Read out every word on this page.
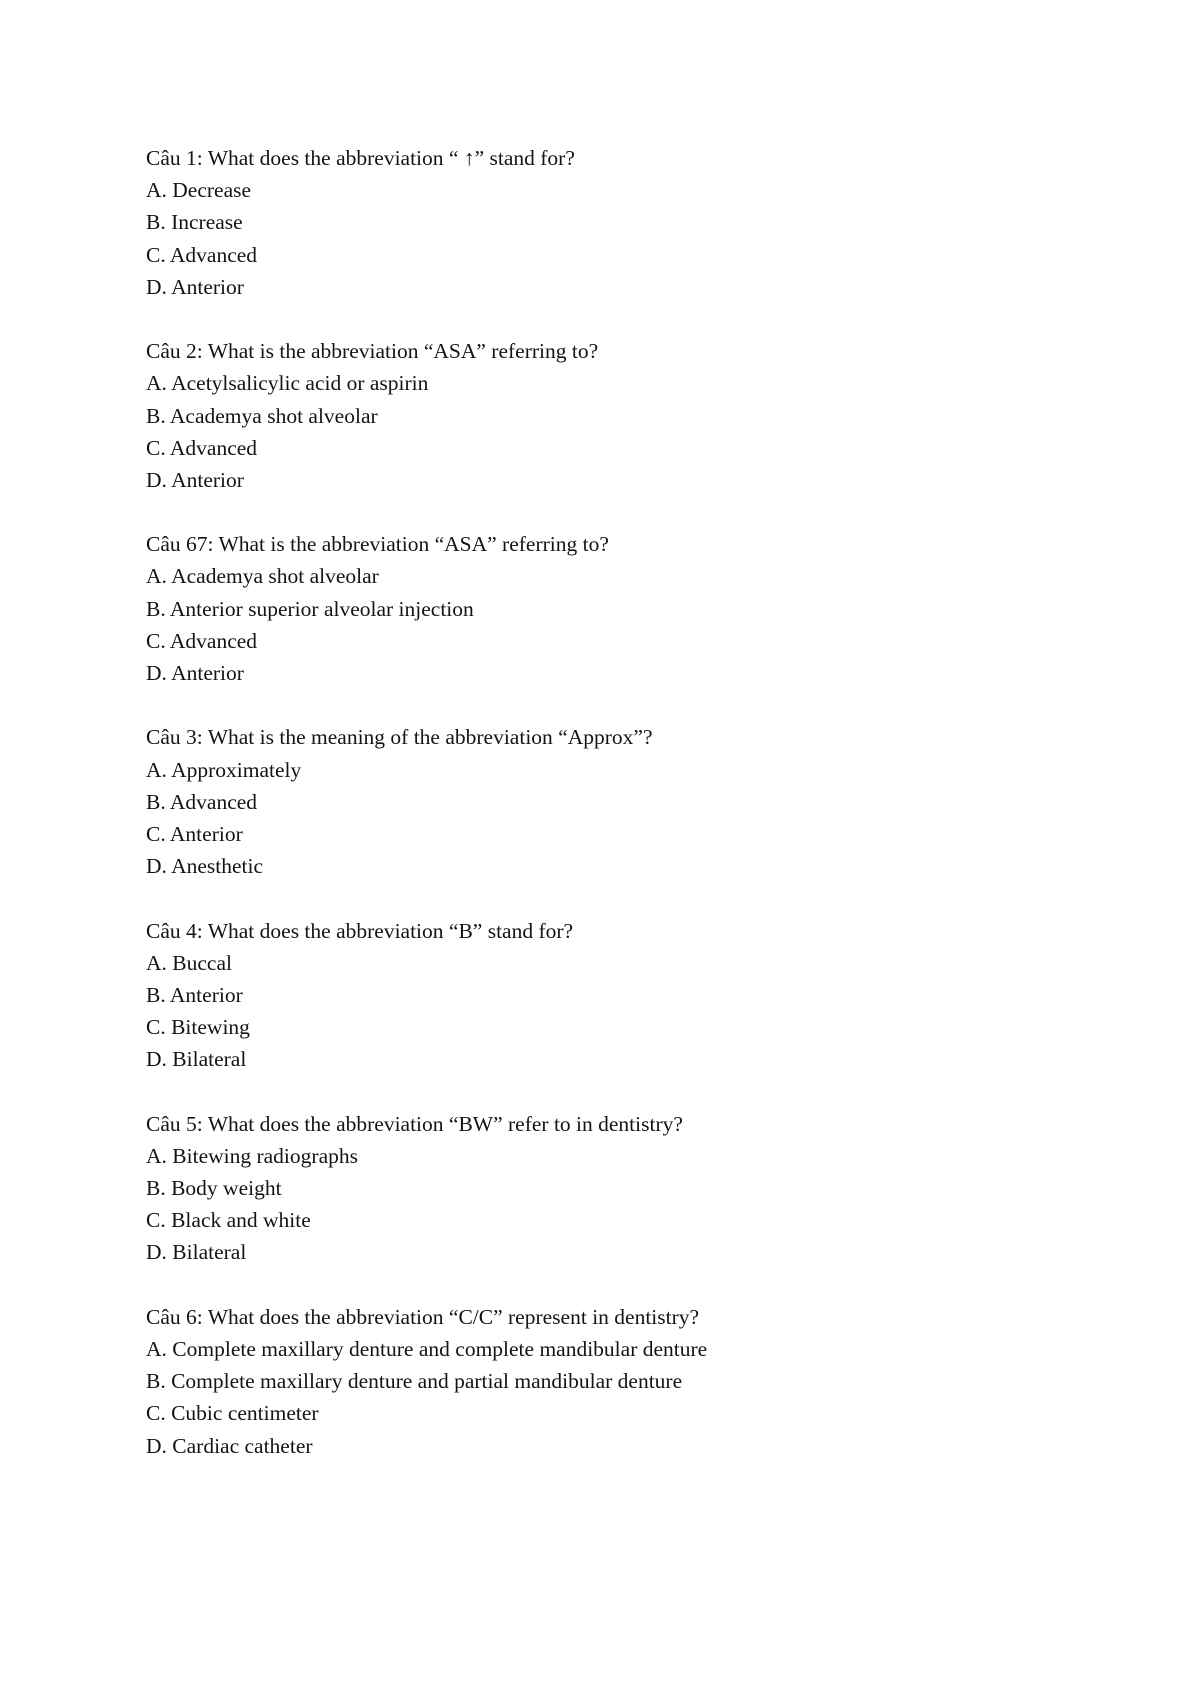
Câu 1: What does the abbreviation “ ↑” stand for?
A. Decrease
B. Increase
C. Advanced
D. Anterior
Câu 2: What is the abbreviation “ASA” referring to?
A. Acetylsalicylic acid or aspirin
B. Academya shot alveolar
C. Advanced
D. Anterior
Câu 67: What is the abbreviation “ASA” referring to?
A. Academya shot alveolar
B. Anterior superior alveolar injection
C. Advanced
D. Anterior
Câu 3: What is the meaning of the abbreviation “Approx”?
A. Approximately
B. Advanced
C. Anterior
D. Anesthetic
Câu 4: What does the abbreviation “B” stand for?
A. Buccal
B. Anterior
C. Bitewing
D. Bilateral
Câu 5: What does the abbreviation “BW” refer to in dentistry?
A. Bitewing radiographs
B. Body weight
C. Black and white
D. Bilateral
Câu 6: What does the abbreviation “C/C” represent in dentistry?
A. Complete maxillary denture and complete mandibular denture
B. Complete maxillary denture and partial mandibular denture
C. Cubic centimeter
D. Cardiac catheter
